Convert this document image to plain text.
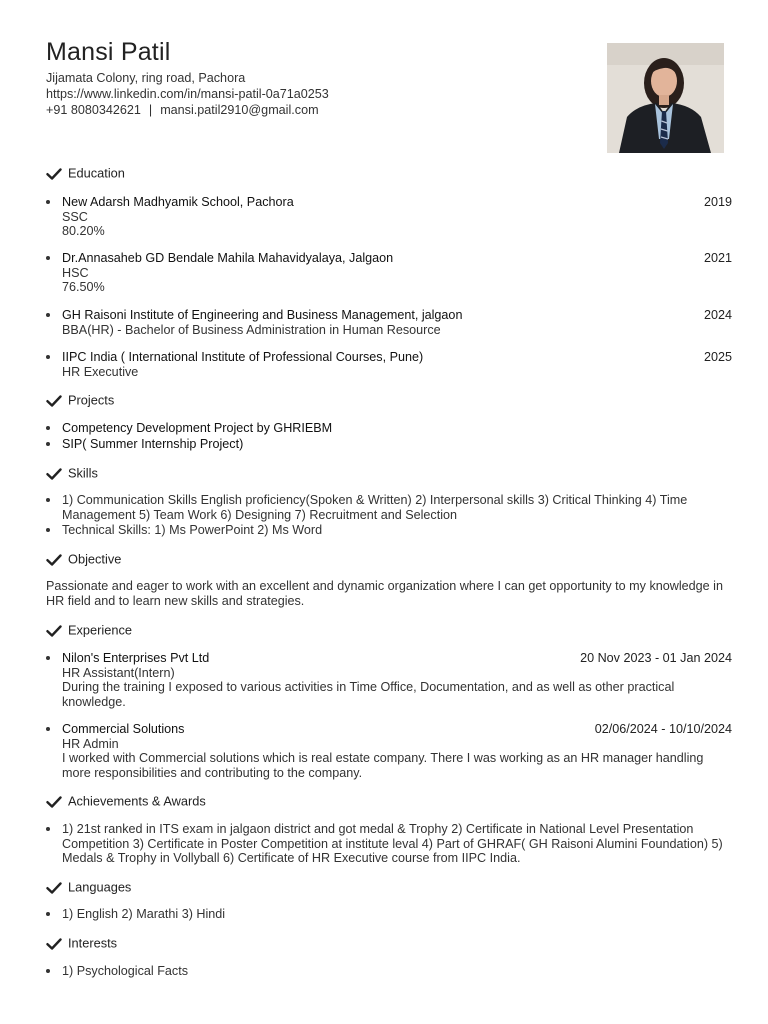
Mansi Patil
Jijamata Colony, ring road, Pachora
https://www.linkedin.com/in/mansi-patil-0a71a0253
+91 8080342621 | mansi.patil2910@gmail.com
Education
New Adarsh Madhyamik School, Pachora
SSC
80.20%
2019
Dr.Annasaheb GD Bendale Mahila Mahavidyalaya, Jalgaon
HSC
76.50%
2021
GH Raisoni Institute of Engineering and Business Management, jalgaon
BBA(HR) - Bachelor of Business Administration in Human Resource
2024
IIPC India ( International Institute of Professional Courses, Pune)
HR Executive
2025
Projects
Competency Development Project by GHRIEBM
SIP( Summer Internship Project)
Skills
1) Communication Skills English proficiency(Spoken & Written) 2) Interpersonal skills 3) Critical Thinking 4) Time Management 5) Team Work 6) Designing 7) Recruitment and Selection
Technical Skills: 1) Ms PowerPoint 2) Ms Word
Objective
Passionate and eager to work with an excellent and dynamic organization where I can get opportunity to my knowledge in HR field and to learn new skills and strategies.
Experience
Nilon's Enterprises Pvt Ltd
HR Assistant(Intern)
During the training I exposed to various activities in Time Office, Documentation, and as well as other practical knowledge.
20 Nov 2023 - 01 Jan 2024
Commercial Solutions
HR Admin
I worked with Commercial solutions which is real estate company. There I was working as an HR manager handling more responsibilities and contributing to the company.
02/06/2024 - 10/10/2024
Achievements & Awards
1) 21st ranked in ITS exam in jalgaon district and got medal & Trophy 2) Certificate in National Level Presentation Competition 3) Certificate in Poster Competition at institute leval 4) Part of GHRAF( GH Raisoni Alumini Foundation) 5) Medals & Trophy in Vollyball 6) Certificate of HR Executive course from IIPC India.
Languages
1) English 2) Marathi 3) Hindi
Interests
1) Psychological Facts
